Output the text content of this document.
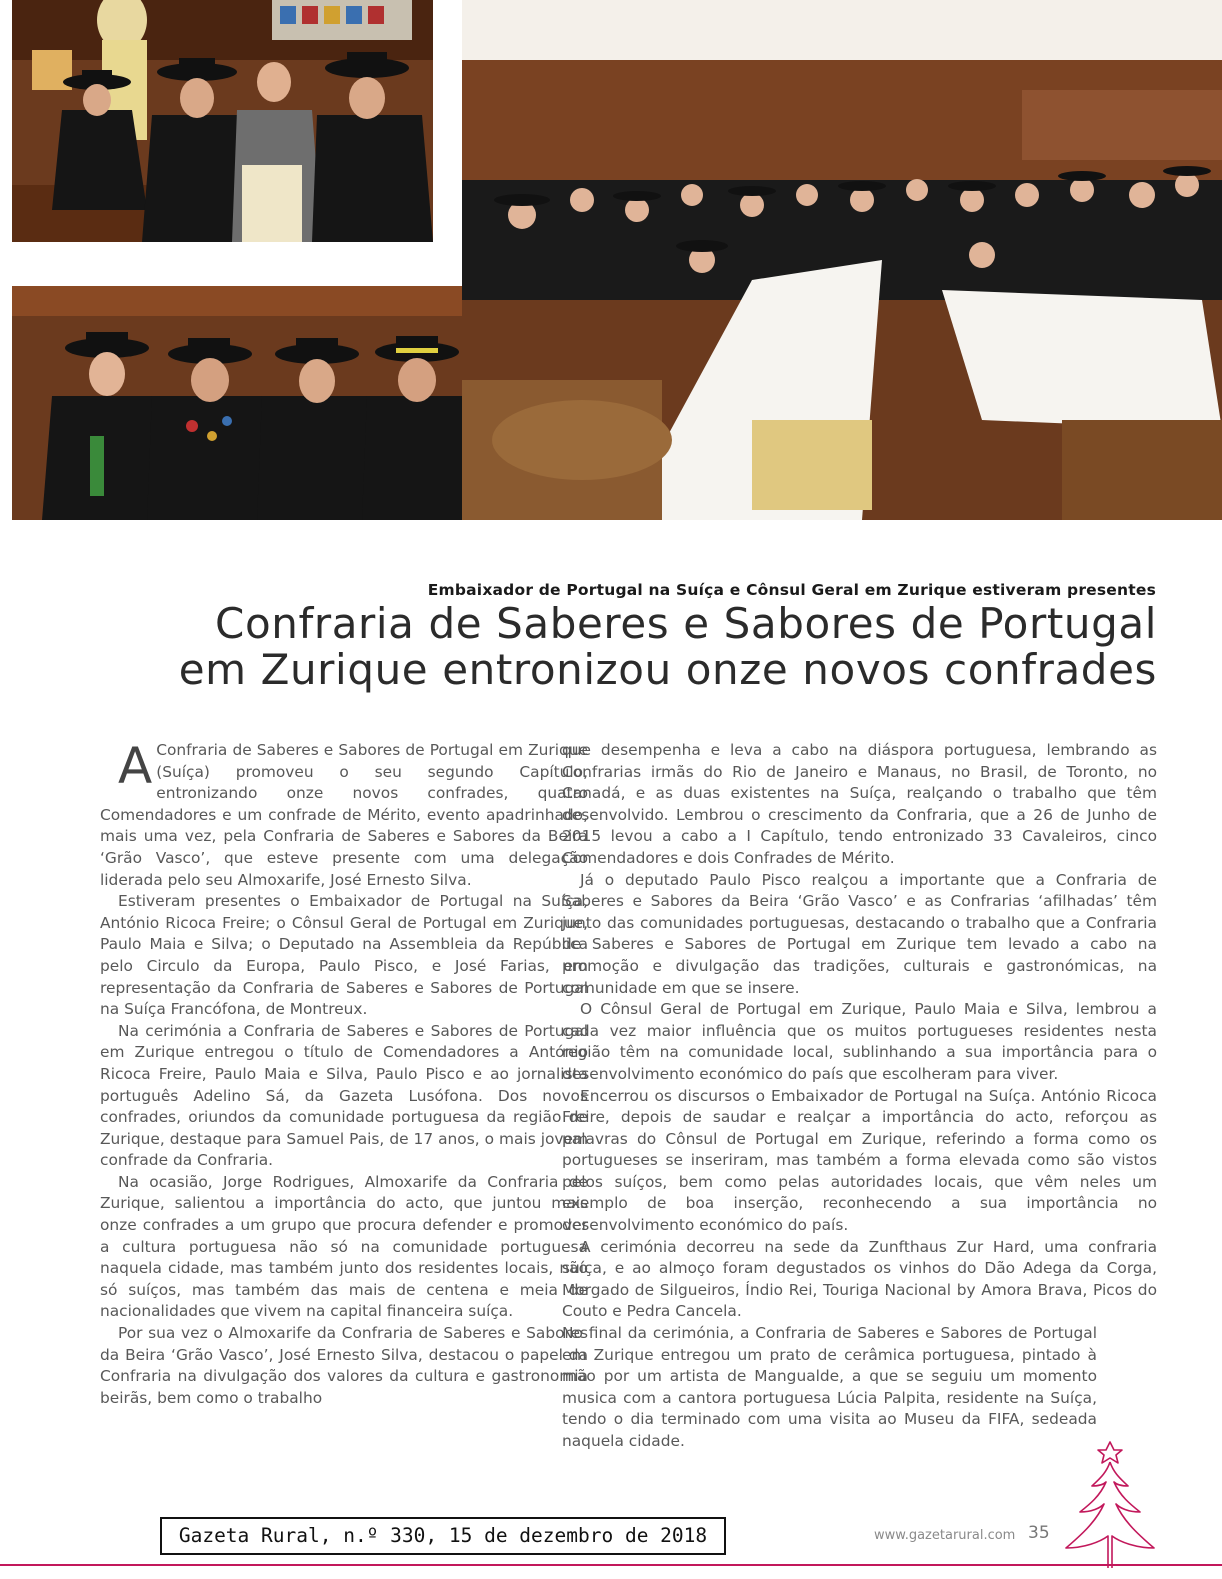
Embaixador de Portugal na Suíça e Cônsul Geral em Zurique estiveram presentes
Confraria de Saberes e Sabores de Portugal
em Zurique entronizou onze novos confrades

A Confraria de Saberes e Sabores de Portugal em Zurique (Suíça) promoveu o seu segundo Capítulo, entronizando onze novos confrades, quatro Comendadores e um confrade de Mérito, evento apadrinhado, mais uma vez, pela Confraria de Saberes e Sabores da Beira ‘Grão Vasco’, que esteve presente com uma delegação liderada pelo seu Almoxarife, José Ernesto Silva.

Estiveram presentes o Embaixador de Portugal na Suíça, António Ricoca Freire; o Cônsul Geral de Portugal em Zurique, Paulo Maia e Silva; o Deputado na Assembleia da República pelo Circulo da Europa, Paulo Pisco, e José Farias, em representação da Confraria de Saberes e Sabores de Portugal na Suíça Francófona, de Montreux.

Na cerimónia a Confraria de Saberes e Sabores de Portugal em Zurique entregou o título de Comendadores a António Ricoca Freire, Paulo Maia e Silva, Paulo Pisco e ao jornalista português Adelino Sá, da Gazeta Lusófona. Dos novos confrades, oriundos da comunidade portuguesa da região de Zurique, destaque para Samuel Pais, de 17 anos, o mais jovem confrade da Confraria.

Na ocasião, Jorge Rodrigues, Almoxarife da Confraria de Zurique, salientou a importância do acto, que juntou mais onze confrades a um grupo que procura defender e promover a cultura portuguesa não só na comunidade portuguesa naquela cidade, mas também junto dos residentes locais, não só suíços, mas também das mais de centena e meia de nacionalidades que vivem na capital financeira suíça.

Por sua vez o Almoxarife da Confraria de Saberes e Sabores da Beira ‘Grão Vasco’, José Ernesto Silva, destacou o papel da Confraria na divulgação dos valores da cultura e gastronomia beirãs, bem como o trabalho

que desempenha e leva a cabo na diáspora portuguesa, lembrando as Confrarias irmãs do Rio de Janeiro e Manaus, no Brasil, de Toronto, no Canadá, e as duas existentes na Suíça, realçando o trabalho que têm desenvolvido. Lembrou o crescimento da Confraria, que a 26 de Junho de 2015 levou a cabo a I Capítulo, tendo entronizado 33 Cavaleiros, cinco Comendadores e dois Confrades de Mérito.

Já o deputado Paulo Pisco realçou a importante que a Confraria de Saberes e Sabores da Beira ‘Grão Vasco’ e as Confrarias ‘afilhadas’ têm junto das comunidades portuguesas, destacando o trabalho que a Confraria de Saberes e Sabores de Portugal em Zurique tem levado a cabo na promoção e divulgação das tradições, culturais e gastronómicas, na comunidade em que se insere.

O Cônsul Geral de Portugal em Zurique, Paulo Maia e Silva, lembrou a cada vez maior influência que os muitos portugueses residentes nesta região têm na comunidade local, sublinhando a sua importância para o desenvolvimento económico do país que escolheram para viver.

Encerrou os discursos o Embaixador de Portugal na Suíça. António Ricoca Freire, depois de saudar e realçar a importância do acto, reforçou as palavras do Cônsul de Portugal em Zurique, referindo a forma como os portugueses se inseriram, mas também a forma elevada como são vistos pelos suíços, bem como pelas autoridades locais, que vêm neles um exemplo de boa inserção, reconhecendo a sua importância no desenvolvimento económico do país.

A cerimónia decorreu na sede da Zunfthaus Zur Hard, uma confraria suíça, e ao almoço foram degustados os vinhos do Dão Adega da Corga, Morgado de Silgueiros, Índio Rei, Touriga Nacional by Amora Brava, Picos do Couto e Pedra Cancela.

No final da cerimónia, a Confraria de Saberes e Sabores de Portugal em Zurique entregou um prato de cerâmica portuguesa, pintado à mão por um artista de Mangualde, a que se seguiu um momento musica com a cantora portuguesa Lúcia Palpita, residente na Suíça, tendo o dia terminado com uma visita ao Museu da FIFA, sedeada naquela cidade.

Gazeta Rural, n.º 330, 15 de dezembro de 2018	www.gazetarural.com 35
